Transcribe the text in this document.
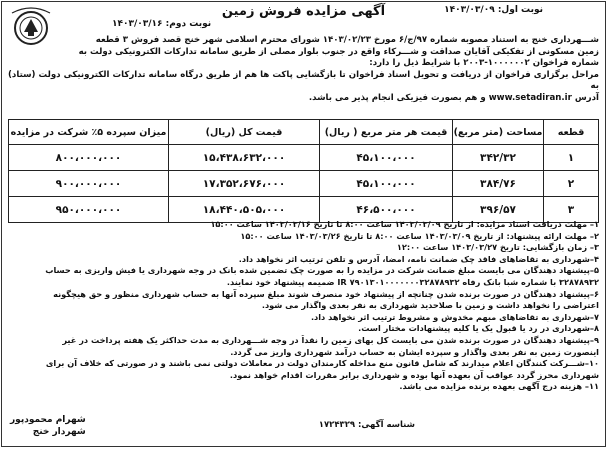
آگهی مزایده فروش زمین	نوبت اول: ۱۴۰۳/۰۳/۰۹
نوبت دوم: ۱۴۰۳/۰۳/۱۶
شـــهرداری خنج به استناد مصوبه شماره ۹۷/ج/۶ مورخ ۱۴۰۳/۰۲/۲۳ شورای محترم اسلامی شهر خنج قصد فروش ۳ قطعه
زمین مسکونی از تفکیکی آقایان صداقت و شـــرکاء واقع در جنوب بلوار مصلی از طریق سامانه تدارکات الکترونیکی دولت به
شماره فراخوان ۱۰۰۰۰۰۰۲-۲۰۰۳ با شرایط ذیل را دارد:
مراحل برگزاری فراخوان از دریافت و تحویل اسناد فراخوان تا بازگشایی پاکت ها هم از طریق درگاه سامانه تدارکات الکترونیکی دولت (ستاد) به
آدرس www.setadiran.ir و هم بصورت فیزیکی انجام پذیر می باشد.
قطعه	مساحت (متر مربع)	قیمت هر متر مربع ( ریال)	قیمت کل (ریال)	میزان سپرده ۵٪ شرکت در مزایده
۱	۳۴۲/۳۲	۴۵،۱۰۰،۰۰۰	۱۵،۴۳۸،۶۳۲،۰۰۰	۸۰۰،۰۰۰،۰۰۰
۲	۳۸۴/۷۶	۴۵،۱۰۰،۰۰۰	۱۷،۳۵۲،۶۷۶،۰۰۰	۹۰۰،۰۰۰،۰۰۰
۳	۳۹۶/۵۷	۴۶،۵۰۰،۰۰۰	۱۸،۴۴۰،۵۰۵،۰۰۰	۹۵۰،۰۰۰،۰۰۰
۱– مهلت دریافت اسناد مزایده: از تاریخ ۱۴۰۳/۰۳/۰۹ ساعت ۸:۰۰ تا تاریخ ۱۴۰۳/۰۳/۱۶ ساعت ۱۵:۰۰
۲– مهلت ارائه پیشنهاد: از تاریخ ۱۴۰۳/۰۳/۰۹ ساعت ۸:۰۰ تا تاریخ ۱۴۰۳/۰۳/۲۶ ساعت ۱۵:۰۰
۳– زمان بازگشایی: تاریخ ۱۴۰۳/۰۳/۲۷ ساعت ۱۲:۰۰
۴–شهرداری به تقاضاهای فاقد چک ضمانت نامه، امضا، آدرس و تلفن ترتیب اثر نخواهد داد.
۵–پیشنهاد دهندگان می بایست مبلغ ضمانت شرکت در مزایده را به صورت چک تضمین شده بانک در وجه شهرداری یا فیش واریزی به حساب
۳۲۸۷۸۹۳۲ با شماره شبا بانک رفاه IR ۷۹۰۱۳۰۱۰۰۰۰۰۰۰۳۲۸۷۸۹۳۲ ضمیمه پیشنهاد خود نمایند.
۶–پیشنهاد دهندگان در صورت برنده شدن چنانچه از پیشنهاد خود منصرف شوند مبلغ سپرده آنها به حساب شهرداری منظور و حق هیچگونه
اعتراضی را نخواهد داشت و زمین با صلاحدید شهرداری به نفر بعدی واگذار می شود.
۷–شهرداری به تقاضاهای مبهم مخدوش و مشروط ترتیب اثر نخواهد داد.
۸–شهرداری در رد یا قبول یک یا کلیه پیشنهادات مختار است.
۹–پیشنهاد دهندگان در صورت برنده شدن می بایست کل بهای زمین را نقداً در وجه شـــهرداری به مدت حداکثر یک هفته پرداخت در غیر
اینصورت زمین به نفر بعدی واگذار و سپرده ایشان به حساب درآمد شهرداری واریز می گردد.
۱۰–شـــرکت کنندگان اعلام میدارند که شامل قانون منع مداخله کارمندان دولت در معاملات دولتی نمی باشند و در صورتی که خلاف آن برای
شهرداری محرز گردد عواقب آن بعهده آنها بوده و شهرداری برابر مقررات اقدام خواهد نمود.
۱۱– هزینه درج آگهی بعهده برنده مزایده می باشد.
شناسه آگهی: ۱۷۲۴۳۲۹
شهرام محمودپور
شهردار خنج
